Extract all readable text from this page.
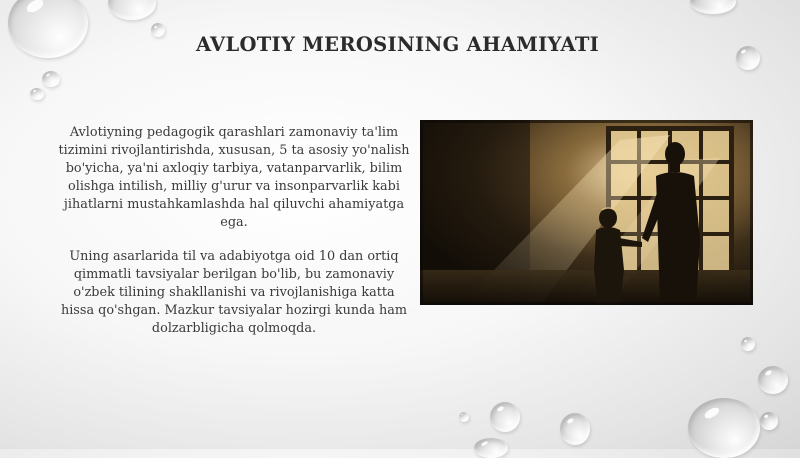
AVLOTIY MEROSINING AHAMIYATI

Avlotiyning pedagogik qarashlari zamonaviy ta'lim tizimini rivojlantirishda, xususan, 5 ta asosiy yo'nalish bo'yicha, ya'ni axloqiy tarbiya, vatanparvarlik, bilim olishga intilish, milliy g'urur va insonparvarlik kabi jihatlarni mustahkamlashda hal qiluvchi ahamiyatga ega.

Uning asarlarida til va adabiyotga oid 10 dan ortiq qimmatli tavsiyalar berilgan bo'lib, bu zamonaviy o'zbek tilining shakllanishi va rivojlanishiga katta hissa qo'shgan. Mazkur tavsiyalar hozirgi kunda ham dolzarbligicha qolmoqda.
